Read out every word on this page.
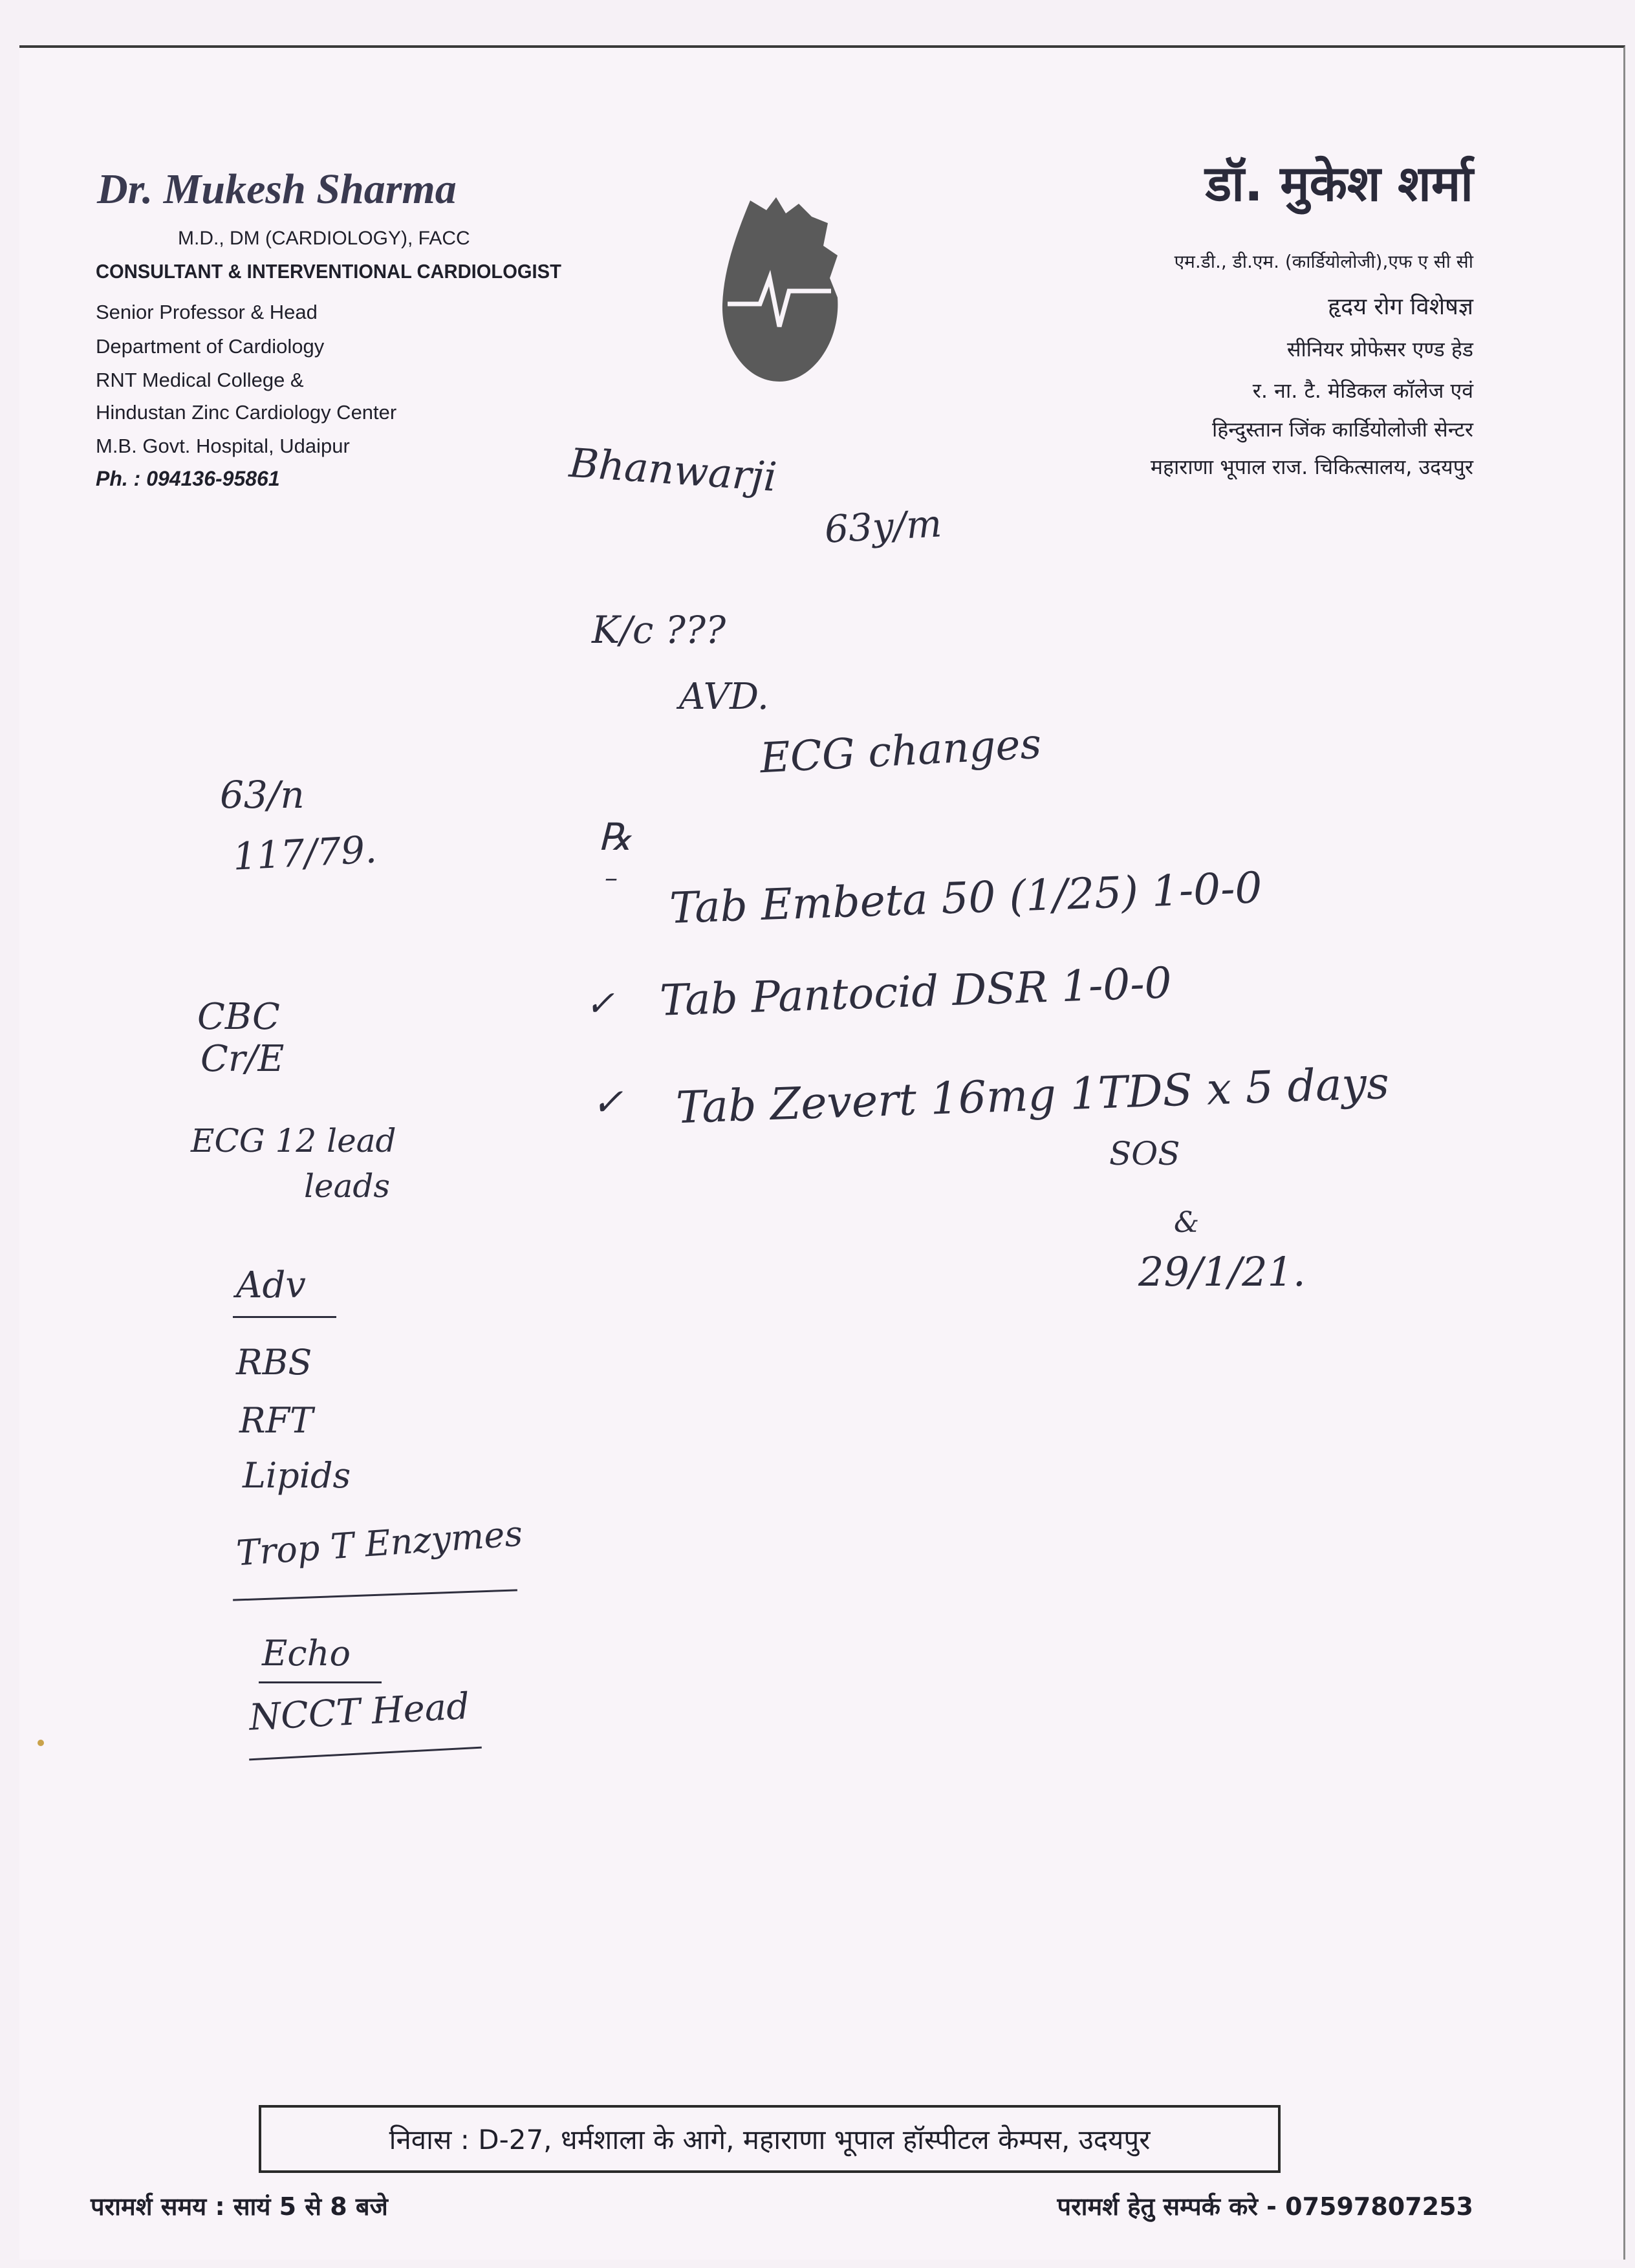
Dr. Mukesh Sharma
M.D., DM (CARDIOLOGY), FACC
CONSULTANT & INTERVENTIONAL CARDIOLOGIST
Senior Professor & Head
Department of Cardiology
RNT Medical College &
Hindustan Zinc Cardiology Center
M.B. Govt. Hospital, Udaipur
Ph. : 094136-95861
डॉ. मुकेश शर्मा
एम.डी., डी.एम. (कार्डियोलोजी),एफ ए सी सी
हृदय रोग विशेषज्ञ
सीनियर प्रोफेसर एण्ड हेड
र. ना. टै. मेडिकल कॉलेज एवं
हिन्दुस्तान जिंक कार्डियोलोजी सेन्टर
महाराणा भूपाल राज. चिकित्सालय, उदयपुर
Bhanwarji
63y/m
K/c ???
AVD.
ECG changes
℞
– Tab Embeta 50 (1/25) 1-0-0
✓ Tab Pantocid DSR 1-0-0
✓ Tab Zevert 16mg 1TDS x 5 days
SOS
&
29/1/21.
63/n
117/79.
CBC
Cr/E
ECG 12 lead
leads
Adv
RBS
RFT
Lipids
Trop T Enzymes
Echo
NCCT Head
निवास : D-27, धर्मशाला के आगे, महाराणा भूपाल हॉस्पीटल केम्पस, उदयपुर
परामर्श समय : सायं 5 से 8 बजे	परामर्श हेतु सम्पर्क करे - 07597807253
